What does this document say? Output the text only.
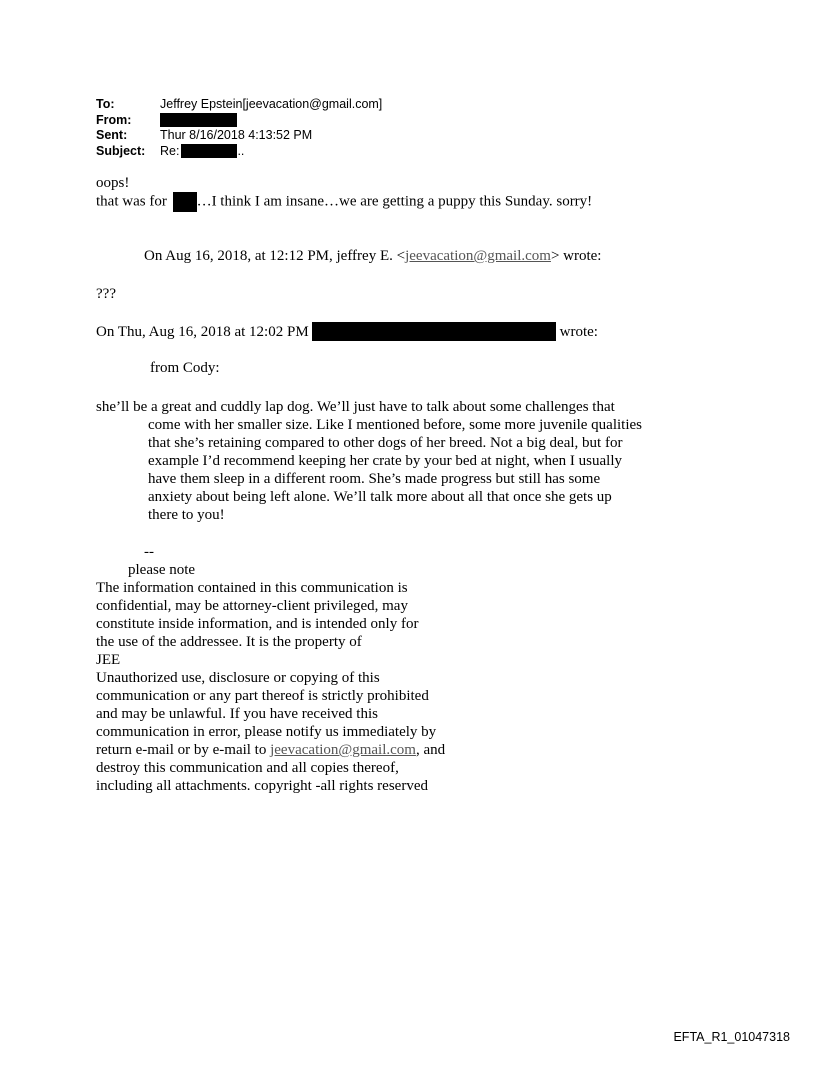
To:	Jeffrey Epstein[jeevacation@gmail.com]
From:
Sent:	Thur 8/16/2018 4:13:52 PM
Subject:	Re:	..
oops!
that was for …I think I am insane…we are getting a puppy this Sunday. sorry!
On Aug 16, 2018, at 12:12 PM, jeffrey E. <jeevacation@gmail.com> wrote:
???
On Thu, Aug 16, 2018 at 12:02 PM	wrote:
from Cody:

she’ll be a great and cuddly lap dog. We’ll just have to talk about some challenges that

come with her smaller size. Like I mentioned before, some more juvenile qualities

that she’s retaining compared to other dogs of her breed. Not a big deal, but for

example I’d recommend keeping her crate by your bed at night, when I usually

have them sleep in a different room. She’s made progress but still has some

anxiety about being left alone. We’ll talk more about all that once she gets up

there to you!

--
please note
The information contained in this communication is
confidential, may be attorney-client privileged, may
constitute inside information, and is intended only for
the use of the addressee. It is the property of
JEE
Unauthorized use, disclosure or copying of this
communication or any part thereof is strictly prohibited
and may be unlawful. If you have received this
communication in error, please notify us immediately by
return e-mail or by e-mail to jeevacation@gmail.com, and
destroy this communication and all copies thereof,
including all attachments. copyright -all rights reserved
EFTA_R1_01047318
